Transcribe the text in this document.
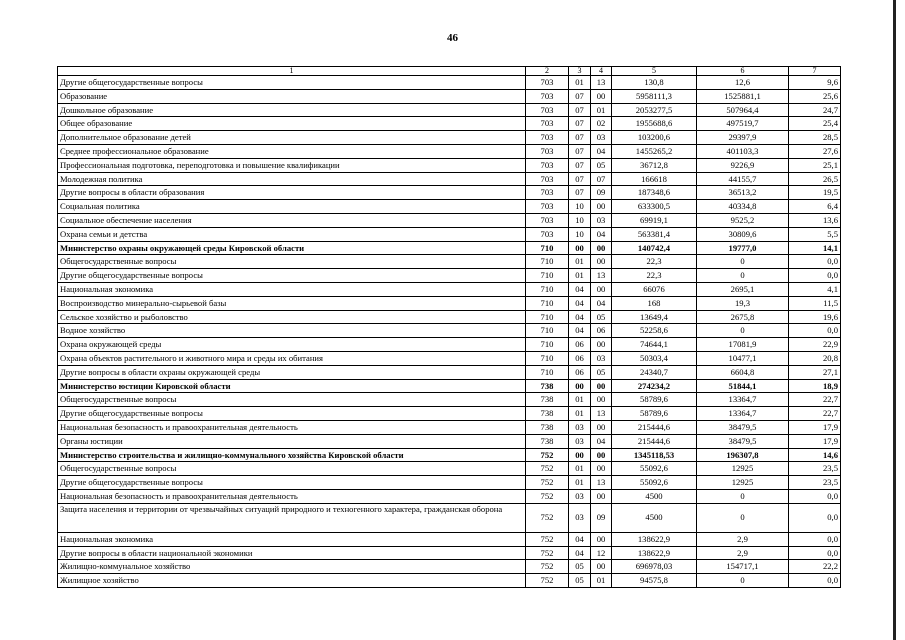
46
1	2	3	4	5	6	7
Другие общегосударственные вопросы	703	01	13	130,8	12,6	9,6
Образование	703	07	00	5958111,3	1525881,1	25,6
Дошкольное образование	703	07	01	2053277,5	507964,4	24,7
Общее образование	703	07	02	1955688,6	497519,7	25,4
Дополнительное образование детей	703	07	03	103200,6	29397,9	28,5
Среднее профессиональное образование	703	07	04	1455265,2	401103,3	27,6
Профессиональная подготовка, переподготовка и повышение квалификации	703	07	05	36712,8	9226,9	25,1
Молодежная политика	703	07	07	166618	44155,7	26,5
Другие вопросы в области образования	703	07	09	187348,6	36513,2	19,5
Социальная политика	703	10	00	633300,5	40334,8	6,4
Социальное обеспечение населения	703	10	03	69919,1	9525,2	13,6
Охрана семьи и детства	703	10	04	563381,4	30809,6	5,5
Министерство охраны окружающей среды Кировской области	710	00	00	140742,4	19777,0	14,1
Общегосударственные вопросы	710	01	00	22,3	0	0,0
Другие общегосударственные вопросы	710	01	13	22,3	0	0,0
Национальная экономика	710	04	00	66076	2695,1	4,1
Воспроизводство минерально-сырьевой базы	710	04	04	168	19,3	11,5
Сельское хозяйство и рыболовство	710	04	05	13649,4	2675,8	19,6
Водное хозяйство	710	04	06	52258,6	0	0,0
Охрана окружающей среды	710	06	00	74644,1	17081,9	22,9
Охрана объектов растительного и животного мира и среды их обитания	710	06	03	50303,4	10477,1	20,8
Другие вопросы в области охраны окружающей среды	710	06	05	24340,7	6604,8	27,1
Министерство юстиции Кировской области	738	00	00	274234,2	51844,1	18,9
Общегосударственные вопросы	738	01	00	58789,6	13364,7	22,7
Другие общегосударственные вопросы	738	01	13	58789,6	13364,7	22,7
Национальная безопасность и правоохранительная деятельность	738	03	00	215444,6	38479,5	17,9
Органы юстиции	738	03	04	215444,6	38479,5	17,9
Министерство строительства и жилищно-коммунального хозяйства Кировской области	752	00	00	1345118,53	196307,8	14,6
Общегосударственные вопросы	752	01	00	55092,6	12925	23,5
Другие общегосударственные вопросы	752	01	13	55092,6	12925	23,5
Национальная безопасность и правоохранительная деятельность	752	03	00	4500	0	0,0
Защита населения и территории от чрезвычайных ситуаций природного и техногенного характера, гражданская оборона	752	03	09	4500	0	0,0
Национальная экономика	752	04	00	138622,9	2,9	0,0
Другие вопросы в области национальной экономики	752	04	12	138622,9	2,9	0,0
Жилищно-коммунальное хозяйство	752	05	00	696978,03	154717,1	22,2
Жилищное хозяйство	752	05	01	94575,8	0	0,0
